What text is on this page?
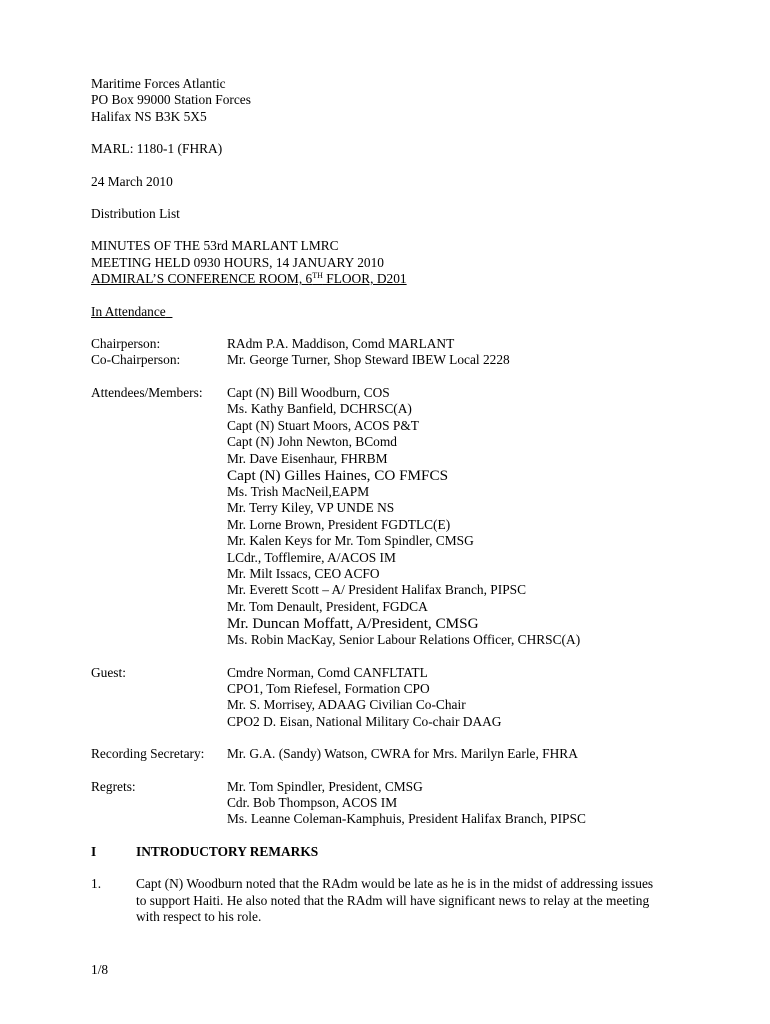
Maritime Forces Atlantic
PO Box 99000 Station Forces
Halifax NS B3K 5X5
MARL: 1180-1 (FHRA)
24 March 2010
Distribution List
MINUTES OF THE 53rd MARLANT LMRC
MEETING HELD 0930 HOURS, 14 JANUARY 2010
ADMIRAL’S CONFERENCE ROOM, 6TH FLOOR, D201
In Attendance
Chairperson:	RAdm P.A. Maddison, Comd MARLANT
Co-Chairperson:	Mr. George Turner, Shop Steward IBEW Local 2228
Attendees/Members:	Capt (N) Bill Woodburn, COS
Ms. Kathy Banfield, DCHRSC(A)
Capt (N) Stuart Moors, ACOS P&T
Capt (N) John Newton, BComd
Mr. Dave Eisenhaur, FHRBM
Capt (N) Gilles Haines, CO FMFCS
Ms. Trish MacNeil,EAPM
Mr. Terry Kiley, VP UNDE NS
Mr. Lorne Brown, President FGDTLC(E)
Mr. Kalen Keys for Mr. Tom Spindler, CMSG
LCdr., Tofflemire, A/ACOS IM
Mr. Milt Issacs, CEO ACFO
Mr. Everett Scott – A/ President Halifax Branch, PIPSC
Mr. Tom Denault, President, FGDCA
Mr. Duncan Moffatt, A/President, CMSG
Ms. Robin MacKay, Senior Labour Relations Officer, CHRSC(A)
Guest:	Cmdre Norman, Comd CANFLTATL
CPO1, Tom Riefesel, Formation CPO
Mr. S. Morrisey, ADAAG Civilian Co-Chair
CPO2 D. Eisan, National Military Co-chair DAAG
Recording Secretary:	Mr. G.A. (Sandy) Watson, CWRA for Mrs. Marilyn Earle, FHRA
Regrets:	Mr. Tom Spindler, President, CMSG
Cdr. Bob Thompson, ACOS IM
Ms. Leanne Coleman-Kamphuis, President Halifax Branch, PIPSC
I	INTRODUCTORY REMARKS
1.	Capt (N) Woodburn noted that the RAdm would be late as he is in the midst of addressing issues
to support Haiti. He also noted that the RAdm will have significant news to relay at the meeting
with respect to his role.
1/8
